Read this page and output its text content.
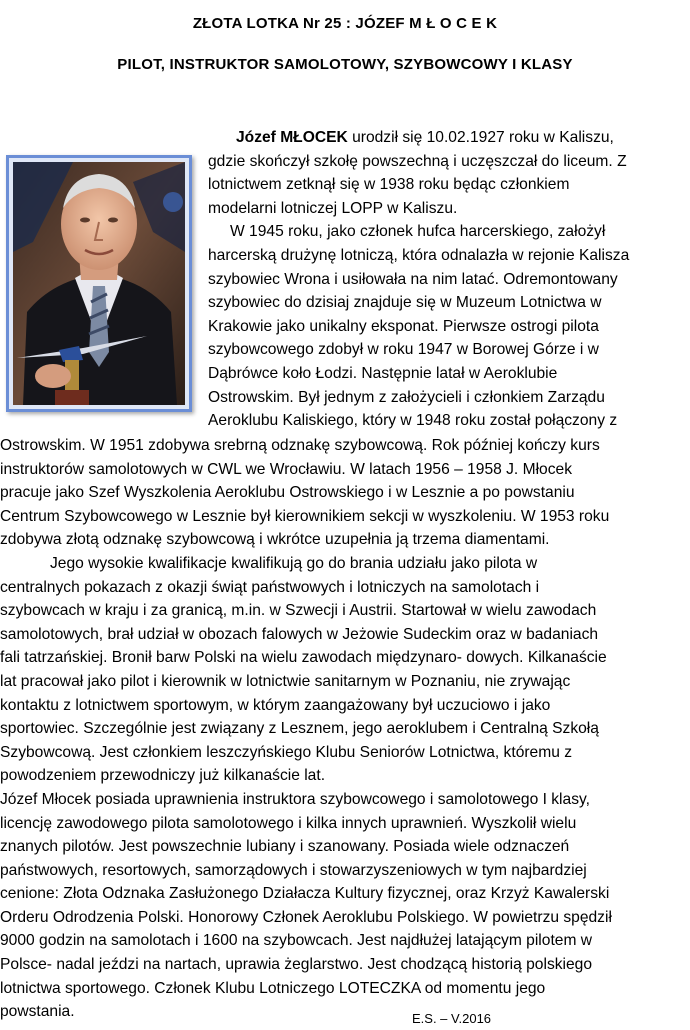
ZŁOTA LOTKA Nr 25 : JÓZEF M Ł O C E K
PILOT, INSTRUKTOR SAMOLOTOWY, SZYBOWCOWY I KLASY
Józef MŁOCEK urodził się 10.02.1927 roku w Kaliszu,
gdzie skończył szkołę powszechną i uczęszczał do liceum. Z
lotnictwem zetknął się w 1938 roku będąc członkiem
modelarni lotniczej LOPP w Kaliszu.
W 1945 roku, jako członek hufca harcerskiego, założył
harcerską drużynę lotniczą, która odnalazła w rejonie Kalisza
szybowiec Wrona i usiłowała na nim latać. Odremontowany
szybowiec do dzisiaj znajduje się w Muzeum Lotnictwa w
Krakowie jako unikalny eksponat. Pierwsze ostrogi pilota
szybowcowego zdobył w roku 1947 w Borowej Górze i w
Dąbrówce koło Łodzi. Następnie latał w Aeroklubie
Ostrowskim. Był jednym z założycieli i członkiem Zarządu
Aeroklubu Kaliskiego, który w 1948 roku został połączony z
Ostrowskim. W 1951 zdobywa srebrną odznakę szybowcową. Rok później kończy kurs
instruktorów samolotowych w CWL we Wrocławiu. W latach 1956 – 1958 J. Młocek
pracuje jako Szef Wyszkolenia Aeroklubu Ostrowskiego i w Lesznie a po powstaniu
Centrum Szybowcowego w Lesznie był kierownikiem sekcji w wyszkoleniu. W 1953 roku
zdobywa złotą odznakę szybowcową i wkrótce uzupełnia ją trzema diamentami.
Jego wysokie kwalifikacje kwalifikują go do brania udziału jako pilota w
centralnych pokazach z okazji świąt państwowych i lotniczych na samolotach i
szybowcach w kraju i za granicą, m.in. w Szwecji i Austrii. Startował w wielu zawodach
samolotowych, brał udział w obozach falowych w Jeżowie Sudeckim oraz w badaniach
fali tatrzańskiej. Bronił barw Polski na wielu zawodach międzynaro- dowych. Kilkanaście
lat pracował jako pilot i kierownik w lotnictwie sanitarnym w Poznaniu, nie zrywając
kontaktu z lotnictwem sportowym, w którym zaangażowany był uczuciowo i jako
sportowiec. Szczególnie jest związany z Lesznem, jego aeroklubem i Centralną Szkołą
Szybowcową. Jest członkiem leszczyńskiego Klubu Seniorów Lotnictwa, któremu z
powodzeniem przewodniczy już kilkanaście lat.
Józef Młocek posiada uprawnienia instruktora szybowcowego i samolotowego I klasy,
licencję zawodowego pilota samolotowego i kilka innych uprawnień. Wyszkolił wielu
znanych pilotów. Jest powszechnie lubiany i szanowany. Posiada wiele odznaczeń
państwowych, resortowych, samorządowych i stowarzyszeniowych w tym najbardziej
cenione: Złota Odznaka Zasłużonego Działacza Kultury fizycznej, oraz Krzyż Kawalerski
Orderu Odrodzenia Polski. Honorowy Członek Aeroklubu Polskiego. W powietrzu spędził
9000 godzin na samolotach i 1600 na szybowcach. Jest najdłużej latającym pilotem w
Polsce- nadal jeździ na nartach, uprawia żeglarstwo. Jest chodzącą historią polskiego
lotnictwa sportowego. Członek Klubu Lotniczego LOTECZKA od momentu jego
powstania.	E.S. – V.2016
